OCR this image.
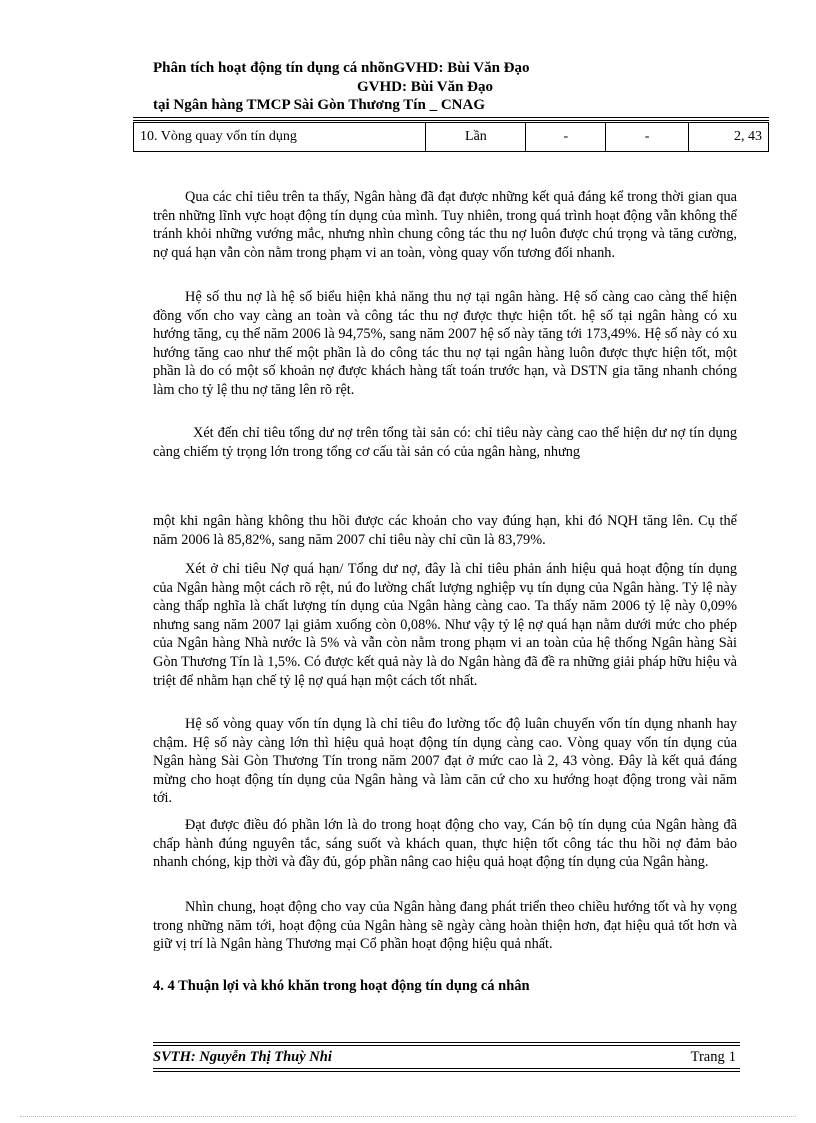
Phân tích hoạt động tín dụng cá nhõnGVHD: Bùi Văn Đạo
GVHD: Bùi Văn Đạo
tại Ngân hàng TMCP Sài Gòn Thương Tín _ CNAG
10. Vòng quay vốn tín dụng	Lần	-	-	2, 43

Qua các chỉ tiêu trên ta thấy, Ngân hàng đã đạt được những kết quả đáng kể trong thời gian qua trên những lĩnh vực hoạt động tín dụng của mình. Tuy nhiên, trong quá trình hoạt động vẫn không thể tránh khỏi những vướng mắc, nhưng nhìn chung công tác thu nợ luôn được chú trọng và tăng cường, nợ quá hạn vẫn còn nằm trong phạm vi an toàn, vòng quay vốn tương đối nhanh.

Hệ số thu nợ là hệ số biểu hiện khả năng thu nợ tại ngân hàng. Hệ số càng cao càng thể hiện đồng vốn cho vay càng an toàn và công tác thu nợ được thực hiện tốt. hệ số tại ngân hàng có xu hướng tăng, cụ thể năm 2006 là 94,75%, sang năm 2007 hệ số này tăng tới 173,49%. Hệ số này có xu hướng tăng cao như thế một phần là do công tác thu nợ tại ngân hàng luôn được thực hiện tốt, một phần là do có một số khoản nợ được khách hàng tất toán trước hạn, và DSTN gia tăng nhanh chóng làm cho tỷ lệ thu nợ tăng lên rõ rệt.

Xét đến chỉ tiêu tổng dư nợ trên tổng tài sản có: chỉ tiêu này càng cao thể hiện dư nợ tín dụng càng chiếm tỷ trọng lớn trong tổng cơ cấu tài sản có của ngân hàng, nhưng

một khi ngân hàng không thu hồi được các khoản cho vay đúng hạn, khi đó NQH tăng lên. Cụ thể năm 2006 là 85,82%, sang năm 2007 chỉ tiêu này chỉ cũn là 83,79%.

Xét ở chỉ tiêu Nợ quá hạn/ Tổng dư nợ, đây là chỉ tiêu phản ánh hiệu quả hoạt động tín dụng của Ngân hàng một cách rõ rệt, nú đo lường chất lượng nghiệp vụ tín dụng của Ngân hàng. Tỷ lệ này càng thấp nghĩa là chất lượng tín dụng của Ngân hàng càng cao. Ta thấy năm 2006 tỷ lệ này 0,09% nhưng sang năm 2007 lại giảm xuống còn 0,08%. Như vậy tỷ lệ nợ quá hạn nằm dưới mức cho phép của Ngân hàng Nhà nước là 5% và vẫn còn nằm trong phạm vi an toàn của hệ thống Ngân hàng Sài Gòn Thương Tín là 1,5%. Có được kết quả này là do Ngân hàng đã đề ra những giải pháp hữu hiệu và triệt để nhằm hạn chế tỷ lệ nợ quá hạn một cách tốt nhất.

Hệ số vòng quay vốn tín dụng là chỉ tiêu đo lường tốc độ luân chuyển vốn tín dụng nhanh hay chậm. Hệ số này càng lớn thì hiệu quả hoạt động tín dụng càng cao. Vòng quay vốn tín dụng của Ngân hàng Sài Gòn Thương Tín trong năm 2007 đạt ở mức cao là 2, 43 vòng. Đây là kết quả đáng mừng cho hoạt động tín dụng của Ngân hàng và làm căn cứ cho xu hướng hoạt động trong vài năm tới.

Đạt được điều đó phần lớn là do trong hoạt động cho vay, Cán bộ tín dụng của Ngân hàng đã chấp hành đúng nguyên tắc, sáng suốt và khách quan, thực hiện tốt công tác thu hồi nợ đảm bảo nhanh chóng, kịp thời và đầy đủ, góp phần nâng cao hiệu quả hoạt động tín dụng của Ngân hàng.

Nhìn chung, hoạt động cho vay của Ngân hàng đang phát triển theo chiều hướng tốt và hy vọng trong những năm tới, hoạt động của Ngân hàng sẽ ngày càng hoàn thiện hơn, đạt hiệu quả tốt hơn và giữ vị trí là Ngân hàng Thương mại Cổ phần hoạt động hiệu quả nhất.

4. 4 Thuận lợi và khó khăn trong hoạt động tín dụng cá nhân
SVTH: Nguyễn Thị Thuỳ Nhi	Trang 1
